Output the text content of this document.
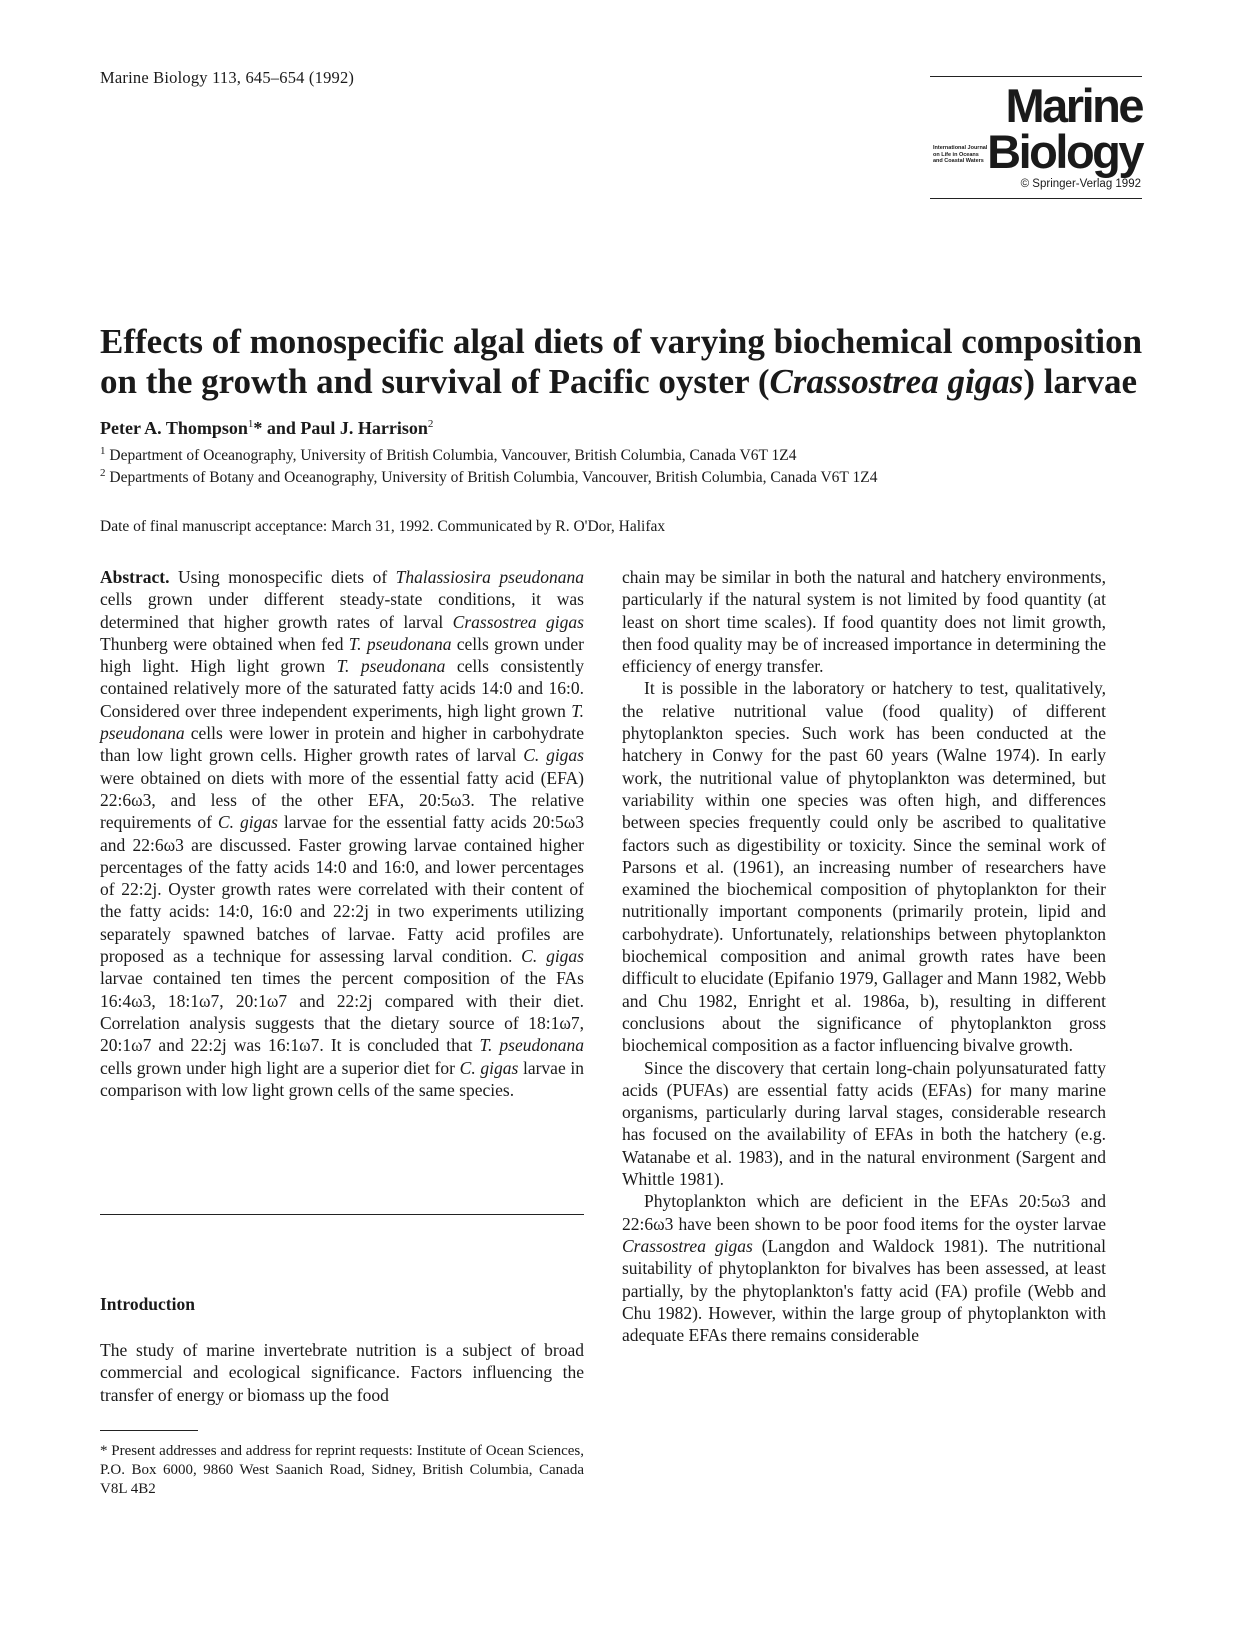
Marine Biology 113, 645–654 (1992)
Marine
International Journal on Life in Oceans and Coastal Waters Biology
© Springer-Verlag 1992
Effects of monospecific algal diets of varying biochemical composition on the growth and survival of Pacific oyster (Crassostrea gigas) larvae
Peter A. Thompson$^1$* and Paul J. Harrison$^2$
$^1$ Department of Oceanography, University of British Columbia, Vancouver, British Columbia, Canada V6T 1Z4
$^2$ Departments of Botany and Oceanography, University of British Columbia, Vancouver, British Columbia, Canada V6T 1Z4
Date of final manuscript acceptance: March 31, 1992. Communicated by R. O'Dor, Halifax

Abstract. Using monospecific diets of Thalassiosira pseudonana cells grown under different steady-state conditions, it was determined that higher growth rates of larval Crassostrea gigas Thunberg were obtained when fed T. pseudonana cells grown under high light. High light grown T. pseudonana cells consistently contained relatively more of the saturated fatty acids 14:0 and 16:0. Considered over three independent experiments, high light grown T. pseudonana cells were lower in protein and higher in carbohydrate than low light grown cells. Higher growth rates of larval C. gigas were obtained on diets with more of the essential fatty acid (EFA) 22:6ω3, and less of the other EFA, 20:5ω3. The relative requirements of C. gigas larvae for the essential fatty acids 20:5ω3 and 22:6ω3 are discussed. Faster growing larvae contained higher percentages of the fatty acids 14:0 and 16:0, and lower percentages of 22:2j. Oyster growth rates were correlated with their content of the fatty acids: 14:0, 16:0 and 22:2j in two experiments utilizing separately spawned batches of larvae. Fatty acid profiles are proposed as a technique for assessing larval condition. C. gigas larvae contained ten times the percent composition of the FAs 16:4ω3, 18:1ω7, 20:1ω7 and 22:2j compared with their diet. Correlation analysis suggests that the dietary source of 18:1ω7, 20:1ω7 and 22:2j was 16:1ω7. It is concluded that T. pseudonana cells grown under high light are a superior diet for C. gigas larvae in comparison with low light grown cells of the same species.

Introduction

The study of marine invertebrate nutrition is a subject of broad commercial and ecological significance. Factors influencing the transfer of energy or biomass up the food

* Present addresses and address for reprint requests: Institute of Ocean Sciences, P.O. Box 6000, 9860 West Saanich Road, Sidney, British Columbia, Canada V8L 4B2

chain may be similar in both the natural and hatchery environments, particularly if the natural system is not limited by food quantity (at least on short time scales). If food quantity does not limit growth, then food quality may be of increased importance in determining the efficiency of energy transfer.

It is possible in the laboratory or hatchery to test, qualitatively, the relative nutritional value (food quality) of different phytoplankton species. Such work has been conducted at the hatchery in Conwy for the past 60 years (Walne 1974). In early work, the nutritional value of phytoplankton was determined, but variability within one species was often high, and differences between species frequently could only be ascribed to qualitative factors such as digestibility or toxicity. Since the seminal work of Parsons et al. (1961), an increasing number of researchers have examined the biochemical composition of phytoplankton for their nutritionally important components (primarily protein, lipid and carbohydrate). Unfortunately, relationships between phytoplankton biochemical composition and animal growth rates have been difficult to elucidate (Epifanio 1979, Gallager and Mann 1982, Webb and Chu 1982, Enright et al. 1986a, b), resulting in different conclusions about the significance of phytoplankton gross biochemical composition as a factor influencing bivalve growth.

Since the discovery that certain long-chain polyunsaturated fatty acids (PUFAs) are essential fatty acids (EFAs) for many marine organisms, particularly during larval stages, considerable research has focused on the availability of EFAs in both the hatchery (e.g. Watanabe et al. 1983), and in the natural environment (Sargent and Whittle 1981).

Phytoplankton which are deficient in the EFAs 20:5ω3 and 22:6ω3 have been shown to be poor food items for the oyster larvae Crassostrea gigas (Langdon and Waldock 1981). The nutritional suitability of phytoplankton for bivalves has been assessed, at least partially, by the phytoplankton's fatty acid (FA) profile (Webb and Chu 1982). However, within the large group of phytoplankton with adequate EFAs there remains considerable
